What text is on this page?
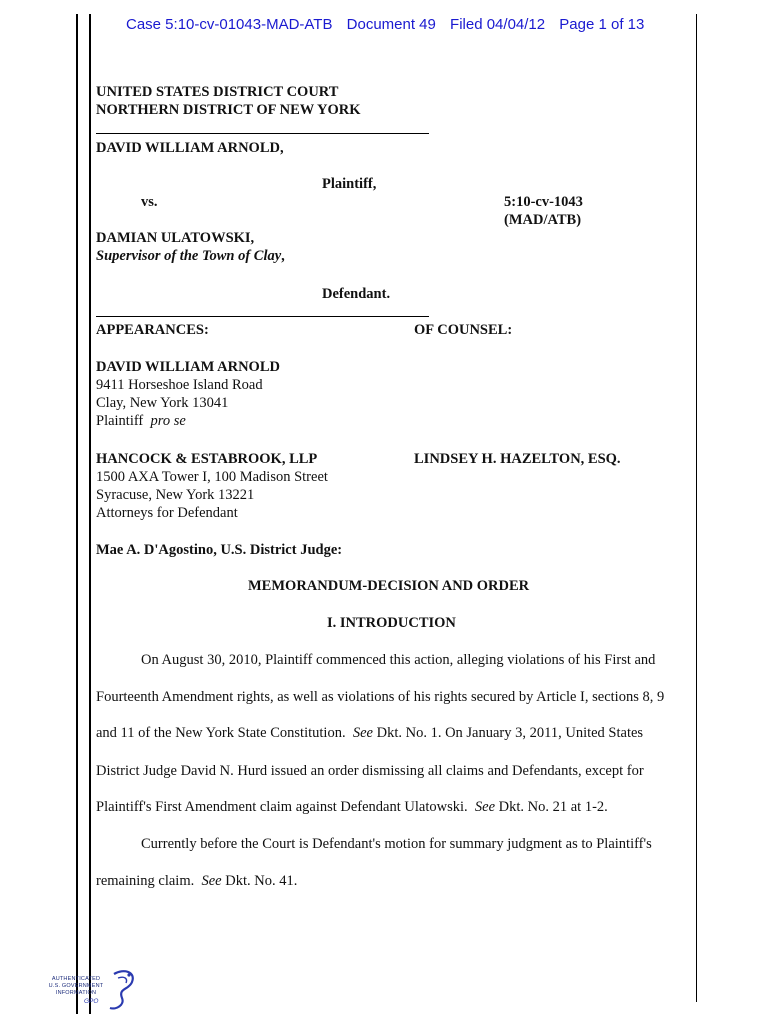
Case 5:10-cv-01043-MAD-ATB Document 49 Filed 04/04/12 Page 1 of 13
UNITED STATES DISTRICT COURT
NORTHERN DISTRICT OF NEW YORK
DAVID WILLIAM ARNOLD,
Plaintiff,
vs.	5:10-cv-1043
(MAD/ATB)
DAMIAN ULATOWSKI,
Supervisor of the Town of Clay,
Defendant.
APPEARANCES:	OF COUNSEL:
DAVID WILLIAM ARNOLD
9411 Horseshoe Island Road
Clay, New York 13041
Plaintiff pro se
HANCOCK & ESTABROOK, LLP	LINDSEY H. HAZELTON, ESQ.
1500 AXA Tower I, 100 Madison Street
Syracuse, New York 13221
Attorneys for Defendant
Mae A. D'Agostino, U.S. District Judge:
MEMORANDUM-DECISION AND ORDER
I. INTRODUCTION
On August 30, 2010, Plaintiff commenced this action, alleging violations of his First and
Fourteenth Amendment rights, as well as violations of his rights secured by Article I, sections 8, 9
and 11 of the New York State Constitution. See Dkt. No. 1. On January 3, 2011, United States
District Judge David N. Hurd issued an order dismissing all claims and Defendants, except for
Plaintiff's First Amendment claim against Defendant Ulatowski. See Dkt. No. 21 at 1-2.
Currently before the Court is Defendant's motion for summary judgment as to Plaintiff's
remaining claim. See Dkt. No. 41.
AUTHENTICATED
U.S. GOVERNMENT
INFORMATION
GPO
